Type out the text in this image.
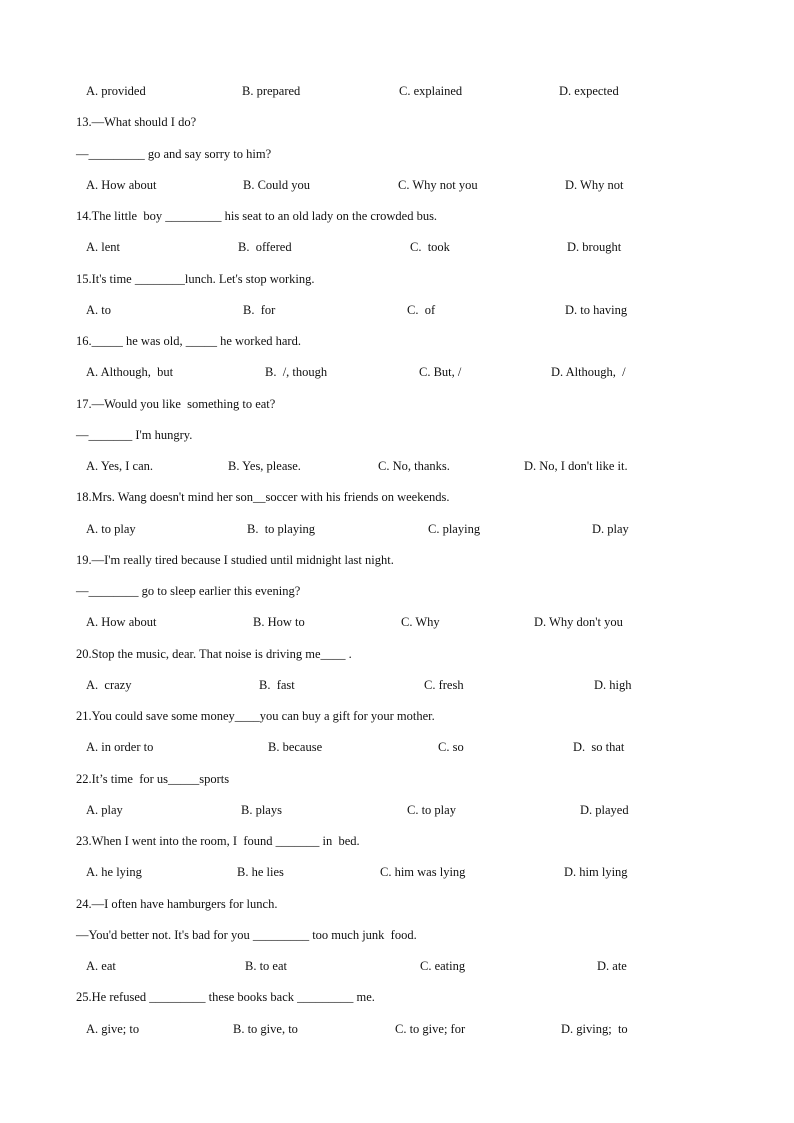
A. provided	B. prepared	C. explained	D. expected
13.—What should I do?
—_________ go and say sorry to him?
A. How about	B. Could you	C. Why not you	D. Why not
14.The little  boy _________ his seat to an old lady on the crowded bus.
A. lent	B.  offered	C.  took	D. brought
15.It's time ________lunch. Let's stop working.
A. to	B.  for	C.  of	D. to having
16._____ he was old, _____ he worked hard.
A. Although,  but	B.  /, though	C. But, /	D. Although,  /
17.—Would you like  something to eat?
—_______ I'm hungry.
A. Yes, I can.	B. Yes, please.	C. No, thanks.	D. No, I don't like it.
18.Mrs. Wang doesn't mind her son__soccer with his friends on weekends.
A. to play	B.  to playing	C. playing	D. play
19.—I'm really tired because I studied until midnight last night.
—________ go to sleep earlier this evening?
A. How about	B. How to	C. Why	D. Why don't you
20.Stop the music, dear. That noise is driving me____ .
A.  crazy	B.  fast	C. fresh	D. high
21.You could save some money____you can buy a gift for your mother.
A. in order to	B. because	C. so	D.  so that
22.It’s time  for us_____sports
A. play	B. plays	C. to play	D. played
23.When I went into the room, I  found _______ in  bed.
A. he lying	B. he lies	C. him was lying	D. him lying
24.—I often have hamburgers for lunch.
—You'd better not. It's bad for you _________ too much junk  food.
A. eat	B. to eat	C. eating	D. ate
25.He refused _________ these books back _________ me.
A. give; to	B. to give, to	C. to give; for	D. giving;  to
